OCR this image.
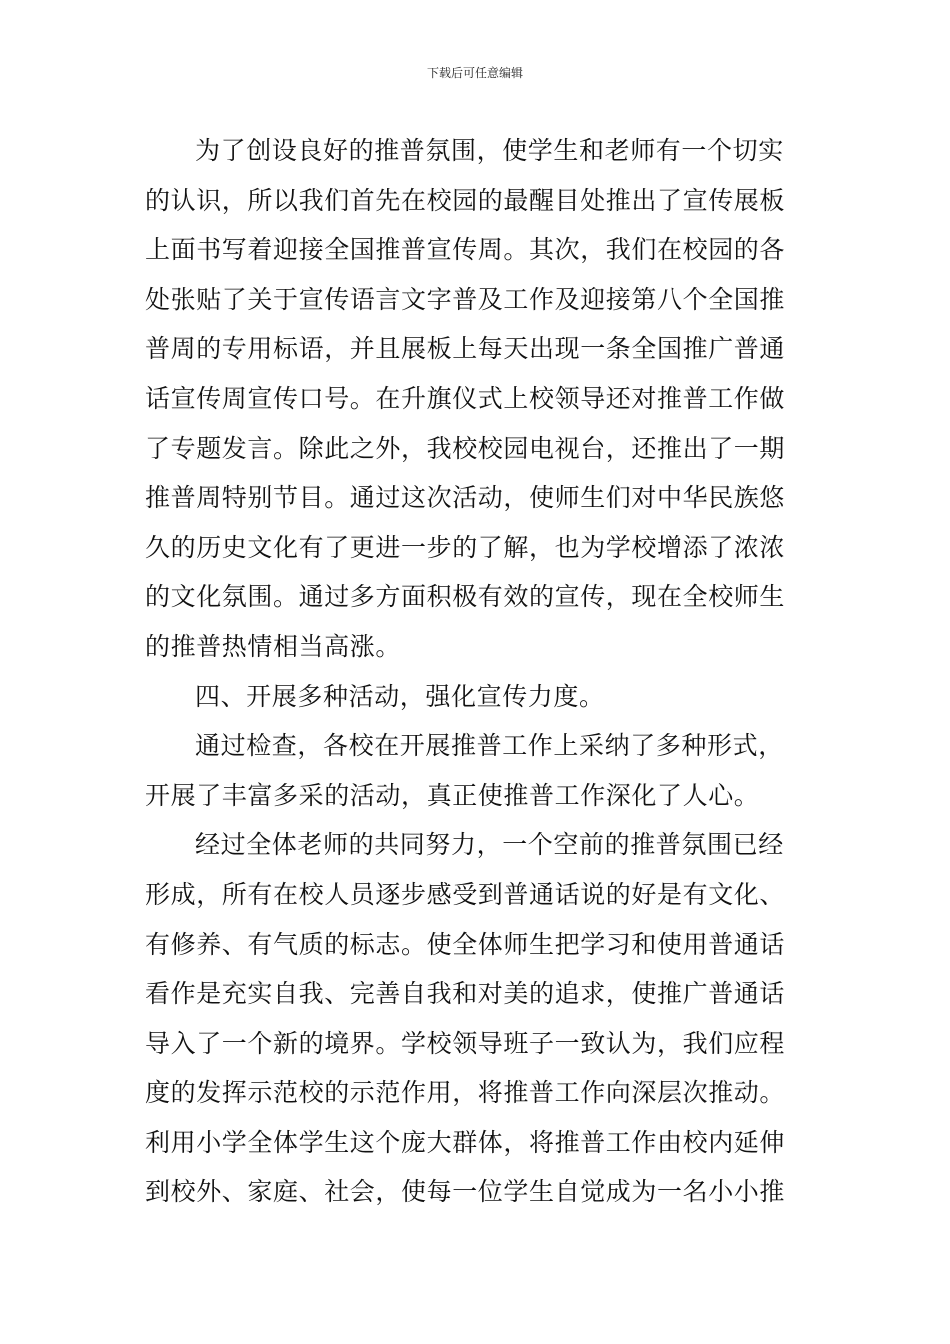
下载后可任意编辑
为了创设良好的推普氛围，使学生和老师有一个切实
的认识，所以我们首先在校园的最醒目处推出了宣传展板
上面书写着迎接全国推普宣传周。其次，我们在校园的各
处张贴了关于宣传语言文字普及工作及迎接第八个全国推
普周的专用标语，并且展板上每天出现一条全国推广普通
话宣传周宣传口号。在升旗仪式上校领导还对推普工作做
了专题发言。除此之外，我校校园电视台，还推出了一期
推普周特别节目。通过这次活动，使师生们对中华民族悠
久的历史文化有了更进一步的了解，也为学校增添了浓浓
的文化氛围。通过多方面积极有效的宣传，现在全校师生
的推普热情相当高涨。
四、开展多种活动，强化宣传力度。
通过检查，各校在开展推普工作上采纳了多种形式，
开展了丰富多采的活动，真正使推普工作深化了人心。
经过全体老师的共同努力，一个空前的推普氛围已经
形成，所有在校人员逐步感受到普通话说的好是有文化、
有修养、有气质的标志。使全体师生把学习和使用普通话
看作是充实自我、完善自我和对美的追求，使推广普通话
导入了一个新的境界。学校领导班子一致认为，我们应程
度的发挥示范校的示范作用，将推普工作向深层次推动。
利用小学全体学生这个庞大群体，将推普工作由校内延伸
到校外、家庭、社会，使每一位学生自觉成为一名小小推
